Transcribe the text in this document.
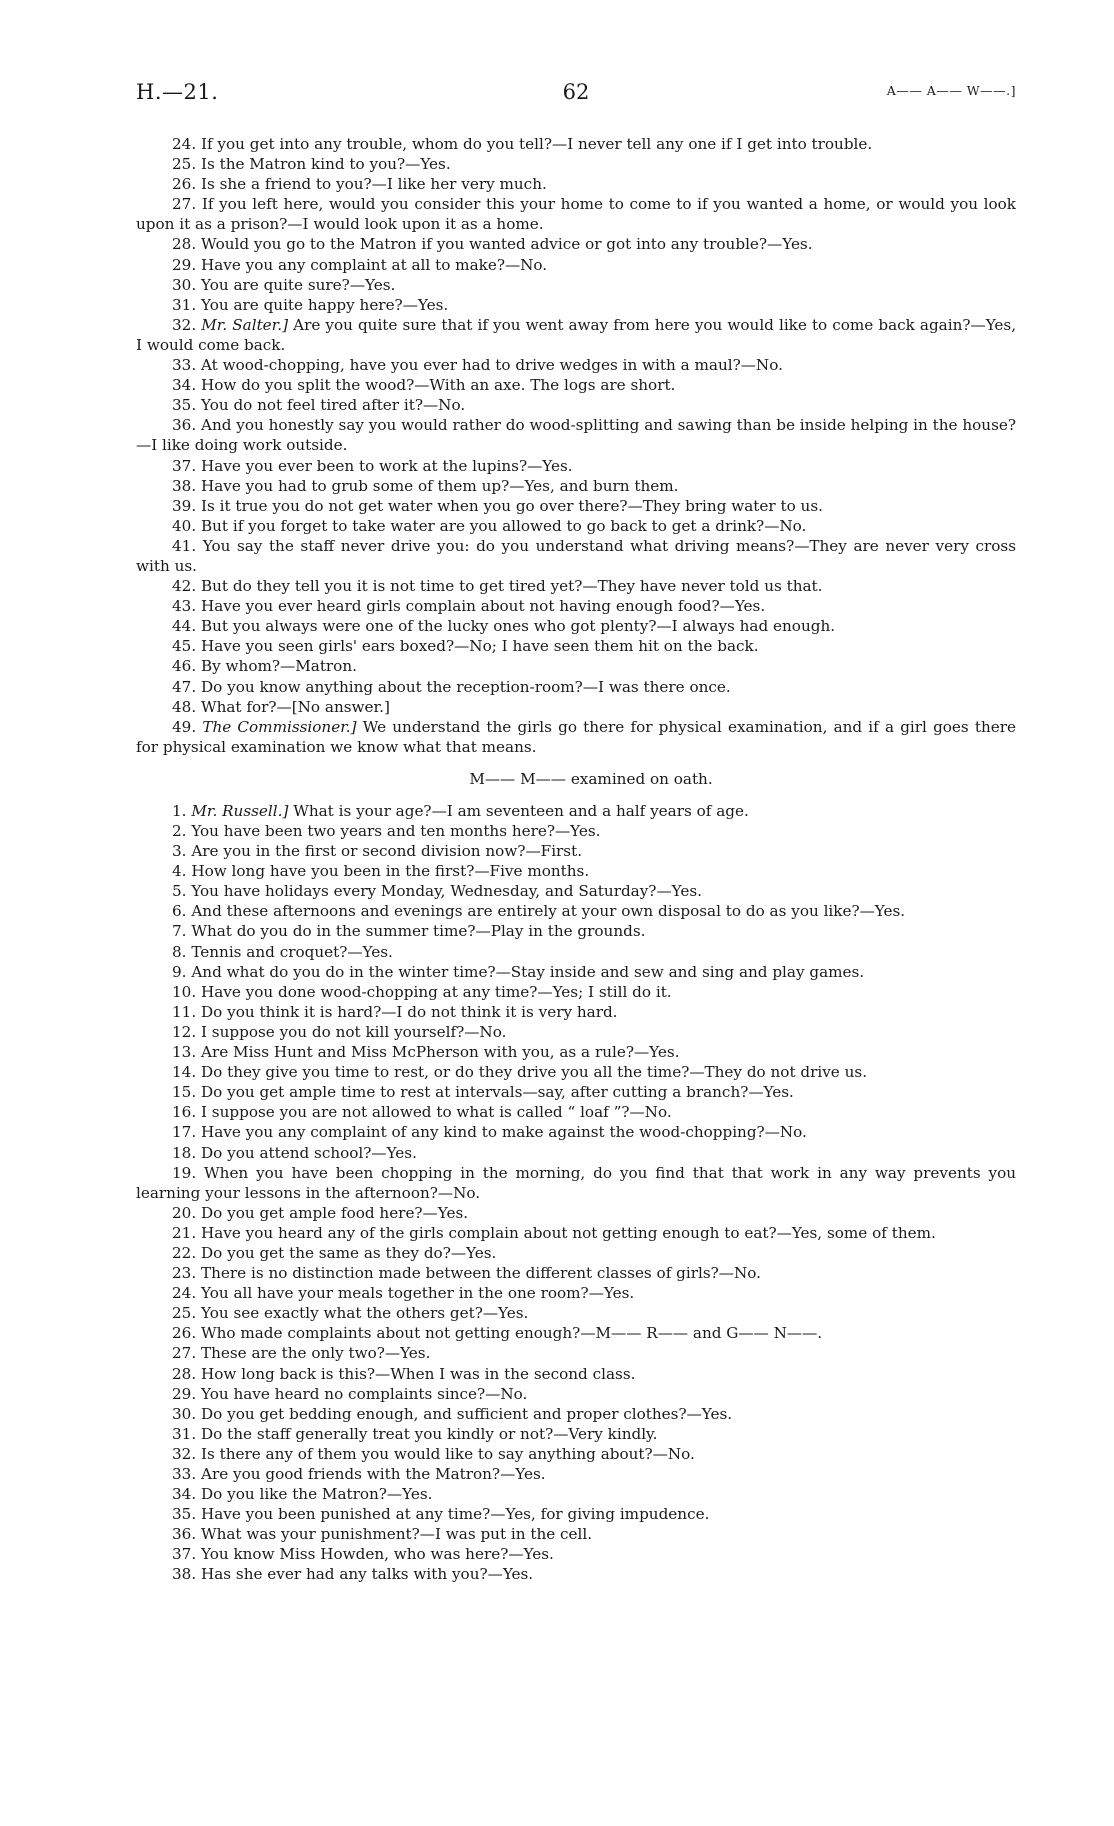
H.—21.	62	A—— A—— W——.]

24. If you get into any trouble, whom do you tell?—I never tell any one if I get into trouble.

25. Is the Matron kind to you?—Yes.

26. Is she a friend to you?—I like her very much.

27. If you left here, would you consider this your home to come to if you wanted a home, or would you look upon it as a prison?—I would look upon it as a home.

28. Would you go to the Matron if you wanted advice or got into any trouble?—Yes.

29. Have you any complaint at all to make?—No.

30. You are quite sure?—Yes.

31. You are quite happy here?—Yes.

32. Mr. Salter.] Are you quite sure that if you went away from here you would like to come back again?—Yes, I would come back.

33. At wood-chopping, have you ever had to drive wedges in with a maul?—No.

34. How do you split the wood?—With an axe. The logs are short.

35. You do not feel tired after it?—No.

36. And you honestly say you would rather do wood-splitting and sawing than be inside helping in the house?—I like doing work outside.

37. Have you ever been to work at the lupins?—Yes.

38. Have you had to grub some of them up?—Yes, and burn them.

39. Is it true you do not get water when you go over there?—They bring water to us.

40. But if you forget to take water are you allowed to go back to get a drink?—No.

41. You say the staff never drive you: do you understand what driving means?—They are never very cross with us.

42. But do they tell you it is not time to get tired yet?—They have never told us that.

43. Have you ever heard girls complain about not having enough food?—Yes.

44. But you always were one of the lucky ones who got plenty?—I always had enough.

45. Have you seen girls' ears boxed?—No; I have seen them hit on the back.

46. By whom?—Matron.

47. Do you know anything about the reception-room?—I was there once.

48. What for?—[No answer.]

49. The Commissioner.] We understand the girls go there for physical examination, and if a girl goes there for physical examination we know what that means.

M—— M—— examined on oath.

1. Mr. Russell.] What is your age?—I am seventeen and a half years of age.

2. You have been two years and ten months here?—Yes.

3. Are you in the first or second division now?—First.

4. How long have you been in the first?—Five months.

5. You have holidays every Monday, Wednesday, and Saturday?—Yes.

6. And these afternoons and evenings are entirely at your own disposal to do as you like?—Yes.

7. What do you do in the summer time?—Play in the grounds.

8. Tennis and croquet?—Yes.

9. And what do you do in the winter time?—Stay inside and sew and sing and play games.

10. Have you done wood-chopping at any time?—Yes; I still do it.

11. Do you think it is hard?—I do not think it is very hard.

12. I suppose you do not kill yourself?—No.

13. Are Miss Hunt and Miss McPherson with you, as a rule?—Yes.

14. Do they give you time to rest, or do they drive you all the time?—They do not drive us.

15. Do you get ample time to rest at intervals—say, after cutting a branch?—Yes.

16. I suppose you are not allowed to what is called “ loaf ”?—No.

17. Have you any complaint of any kind to make against the wood-chopping?—No.

18. Do you attend school?—Yes.

19. When you have been chopping in the morning, do you find that that work in any way prevents you learning your lessons in the afternoon?—No.

20. Do you get ample food here?—Yes.

21. Have you heard any of the girls complain about not getting enough to eat?—Yes, some of them.

22. Do you get the same as they do?—Yes.

23. There is no distinction made between the different classes of girls?—No.

24. You all have your meals together in the one room?—Yes.

25. You see exactly what the others get?—Yes.

26. Who made complaints about not getting enough?—M—— R—— and G—— N——.

27. These are the only two?—Yes.

28. How long back is this?—When I was in the second class.

29. You have heard no complaints since?—No.

30. Do you get bedding enough, and sufficient and proper clothes?—Yes.

31. Do the staff generally treat you kindly or not?—Very kindly.

32. Is there any of them you would like to say anything about?—No.

33. Are you good friends with the Matron?—Yes.

34. Do you like the Matron?—Yes.

35. Have you been punished at any time?—Yes, for giving impudence.

36. What was your punishment?—I was put in the cell.

37. You know Miss Howden, who was here?—Yes.

38. Has she ever had any talks with you?—Yes.
